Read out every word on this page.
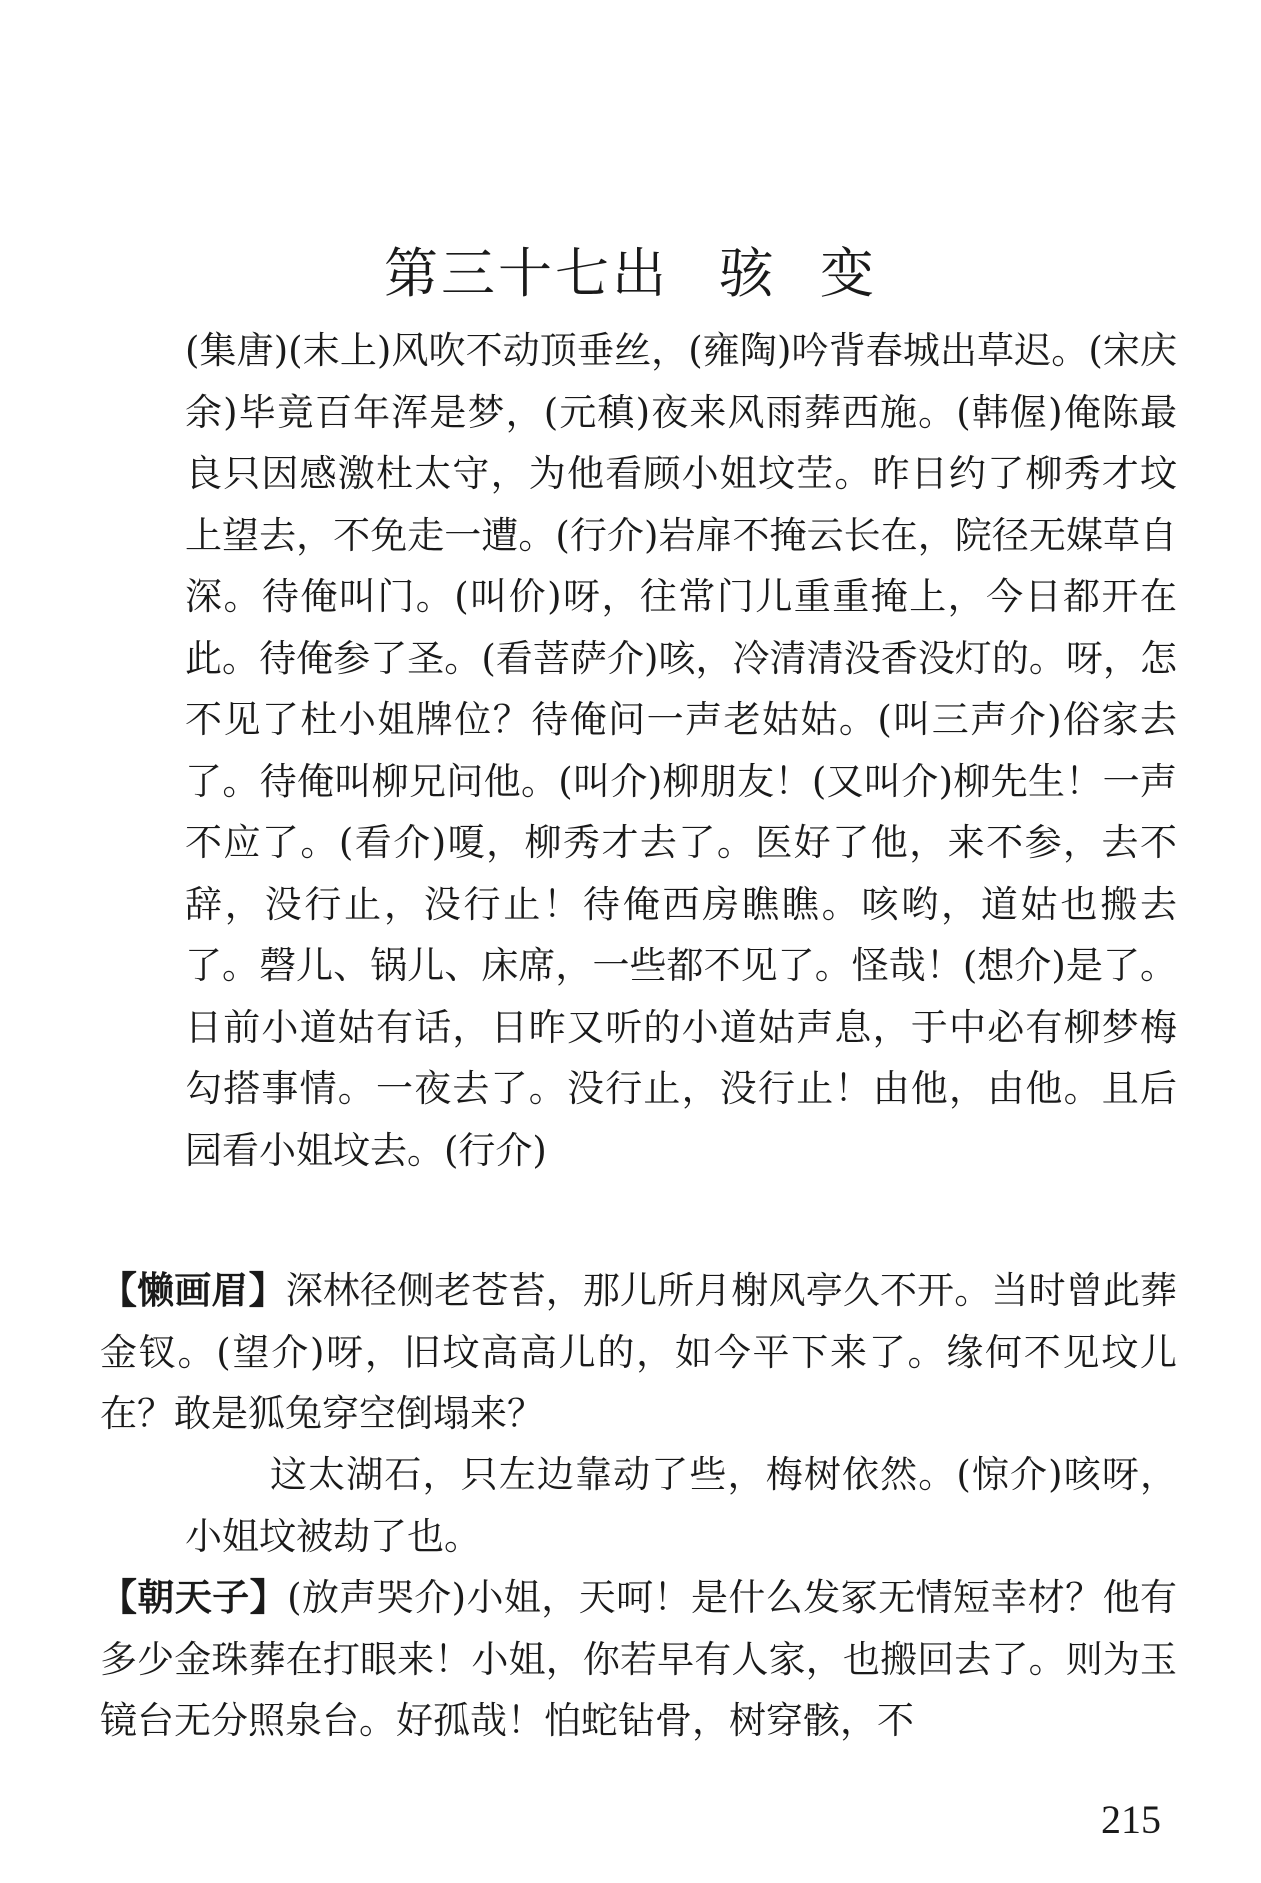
第三十七出 骇 变
(集唐)(末上)风吹不动顶垂丝，(雍陶)吟背春城出草迟。(宋庆余)毕竟百年浑是梦，(元稹)夜来风雨葬西施。(韩偓)俺陈最良只因感激杜太守，为他看顾小姐坟茔。昨日约了柳秀才坟上望去，不免走一遭。(行介)岩扉不掩云长在，院径无媒草自深。待俺叫门。(叫价)呀，往常门儿重重掩上，今日都开在此。待俺参了圣。(看菩萨介)咳，冷清清没香没灯的。呀，怎不见了杜小姐牌位？待俺问一声老姑姑。(叫三声介)俗家去了。待俺叫柳兄问他。(叫介)柳朋友！(又叫介)柳先生！一声不应了。(看介)嗄，柳秀才去了。医好了他，来不参，去不辞，没行止，没行止！待俺西房瞧瞧。咳哟，道姑也搬去了。磬儿、锅儿、床席，一些都不见了。怪哉！(想介)是了。日前小道姑有话，日昨又听的小道姑声息，于中必有柳梦梅勾搭事情。一夜去了。没行止，没行止！由他，由他。且后园看小姐坟去。(行介)
【懒画眉】深林径侧老苍苔，那儿所月榭风亭久不开。当时曾此葬金钗。(望介)呀，旧坟高高儿的，如今平下来了。缘何不见坟儿在？敢是狐兔穿空倒塌来？
这太湖石，只左边靠动了些，梅树依然。(惊介)咳呀，小姐坟被劫了也。
【朝天子】(放声哭介)小姐，天呵！是什么发冢无情短幸材？他有多少金珠葬在打眼来！小姐，你若早有人家，也搬回去了。则为玉镜台无分照泉台。好孤哉！怕蛇钻骨，树穿骸，不
215
